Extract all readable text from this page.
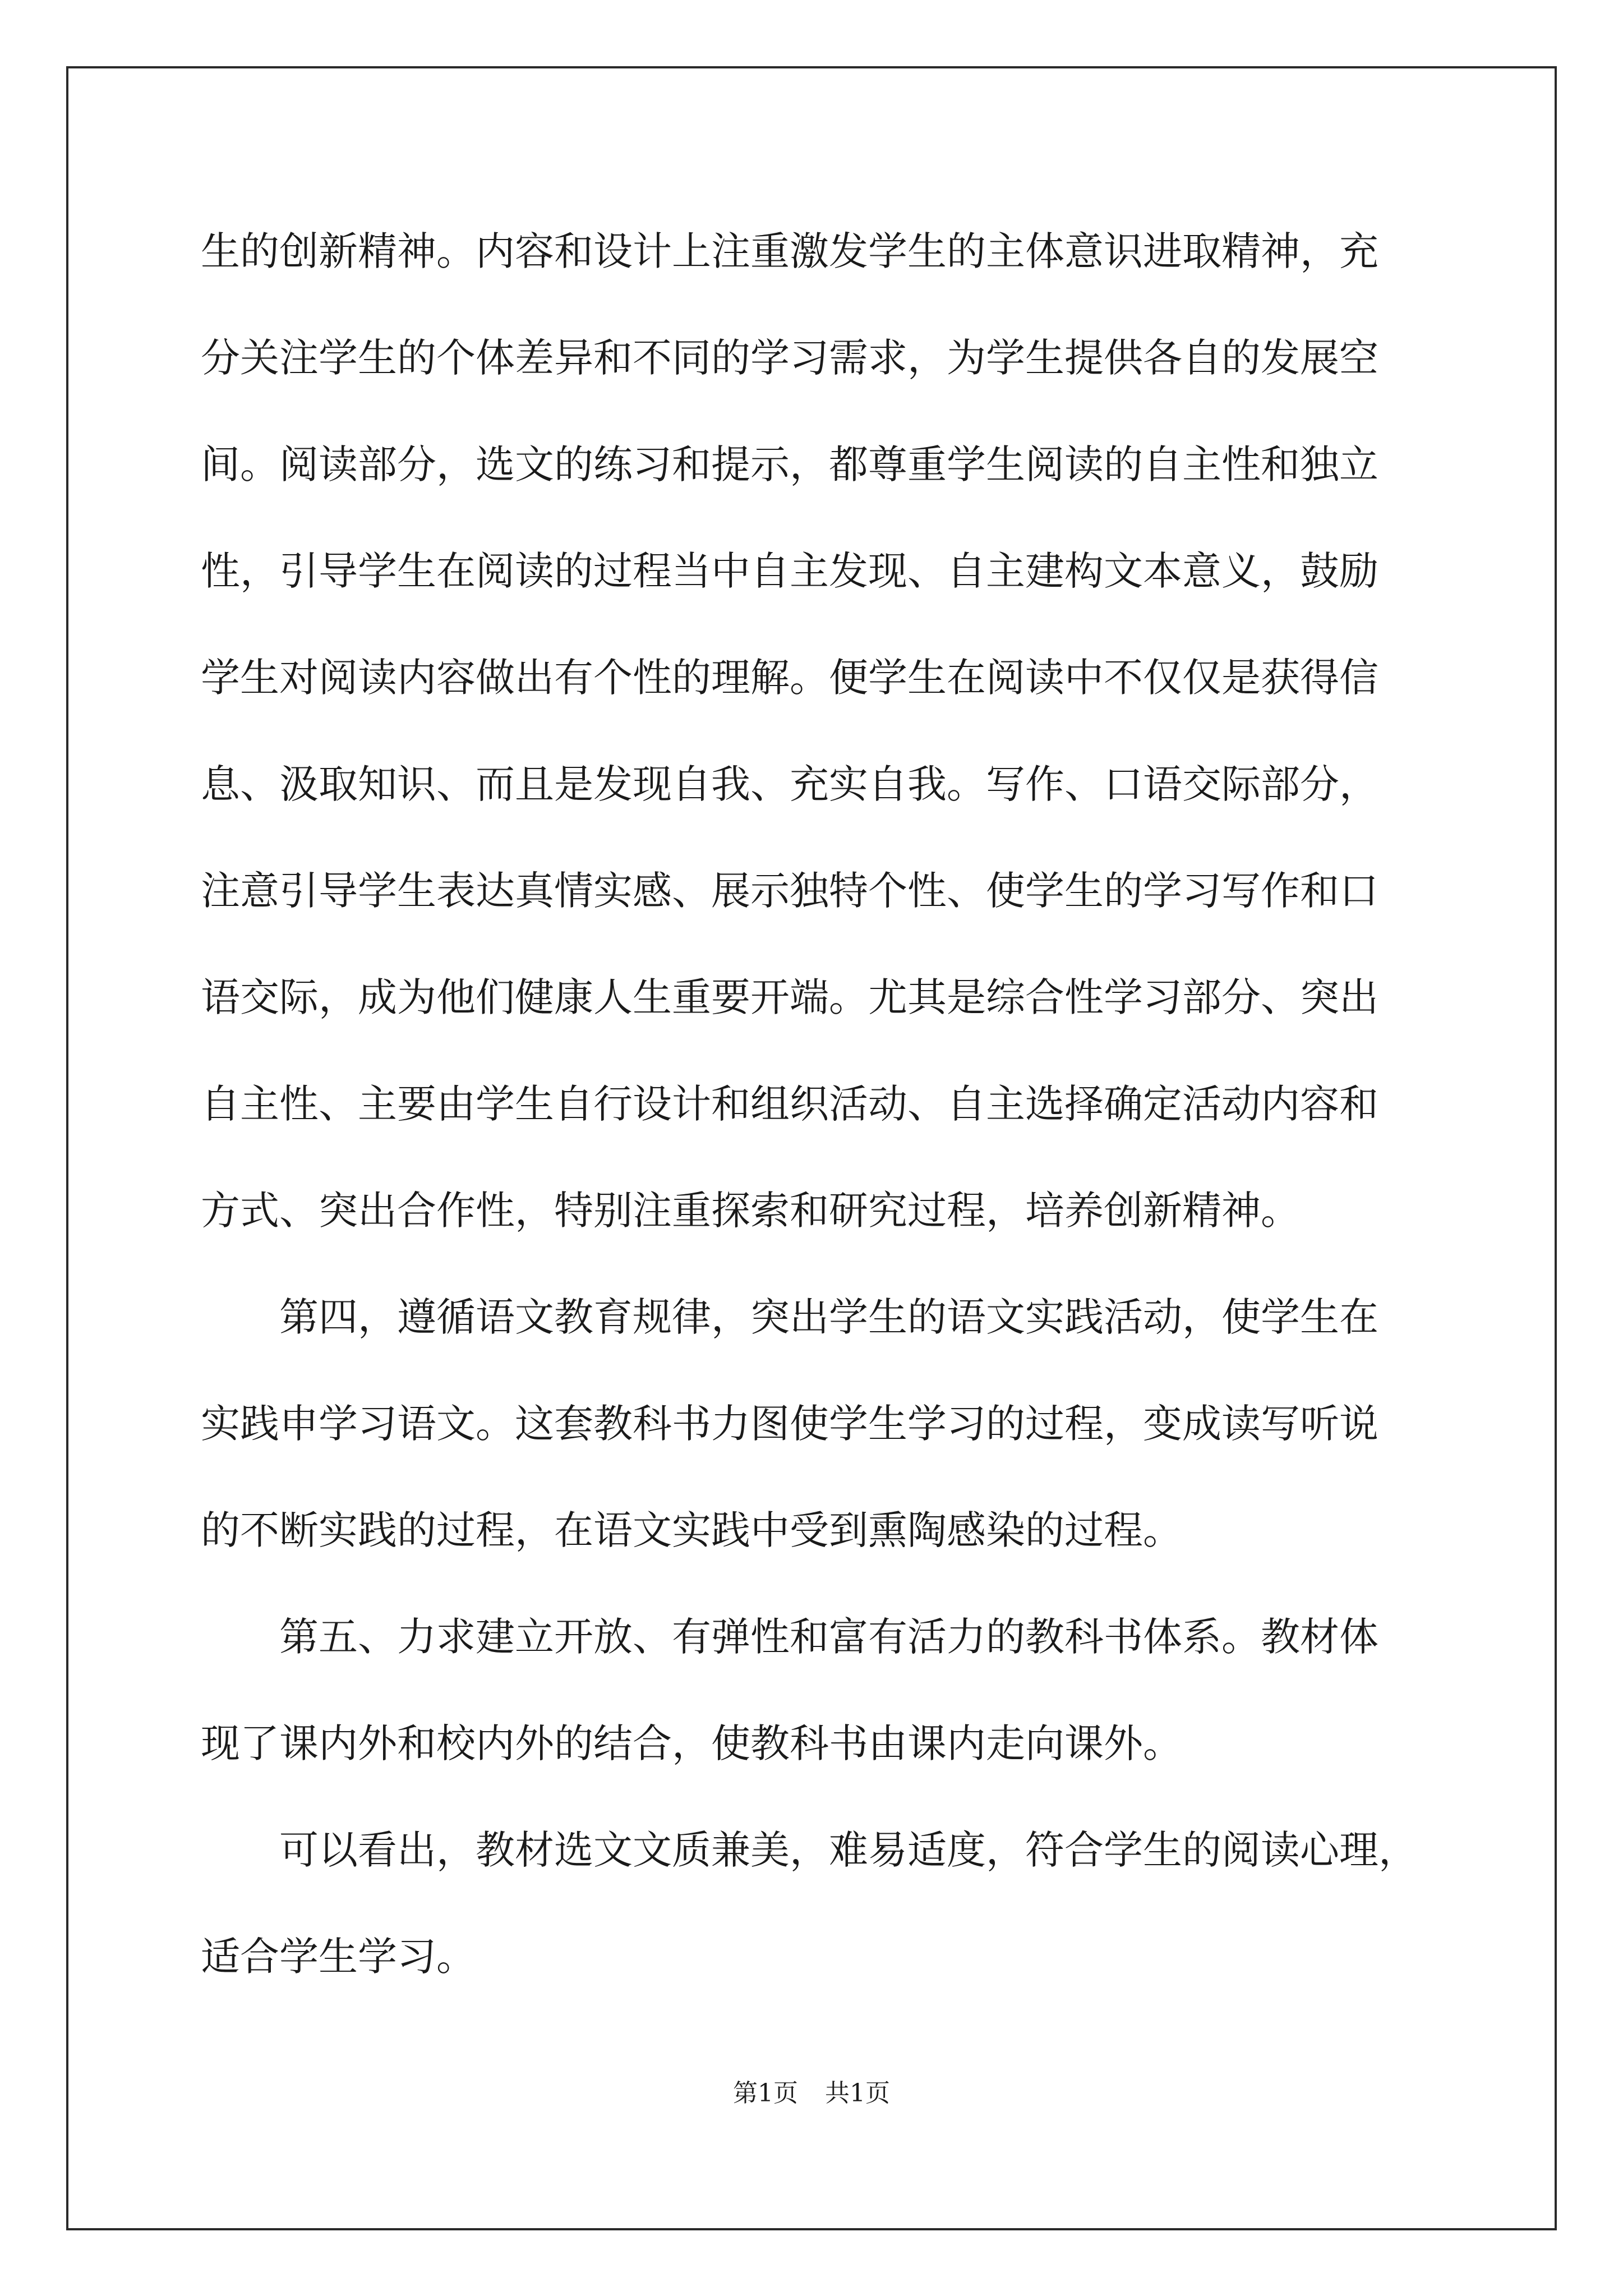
生的创新精神。内容和设计上注重激发学生的主体意识进取精神，充
分关注学生的个体差异和不同的学习需求，为学生提供各自的发展空
间。阅读部分，选文的练习和提示，都尊重学生阅读的自主性和独立
性，引导学生在阅读的过程当中自主发现、自主建构文本意义，鼓励
学生对阅读内容做出有个性的理解。便学生在阅读中不仅仅是获得信
息、汲取知识、而且是发现自我、充实自我。写作、口语交际部分，
注意引导学生表达真情实感、展示独特个性、使学生的学习写作和口
语交际，成为他们健康人生重要开端。尤其是综合性学习部分、突出
自主性、主要由学生自行设计和组织活动、自主选择确定活动内容和
方式、突出合作性，特别注重探索和研究过程，培养创新精神。
第四，遵循语文教育规律，突出学生的语文实践活动，使学生在
实践申学习语文。这套教科书力图使学生学习的过程，变成读写听说
的不断实践的过程，在语文实践中受到熏陶感染的过程。
第五、力求建立开放、有弹性和富有活力的教科书体系。教材体
现了课内外和校内外的结合，使教科书由课内走向课外。
可以看出，教材选文文质兼美，难易适度，符合学生的阅读心理，
适合学生学习。
第1页 共1页
